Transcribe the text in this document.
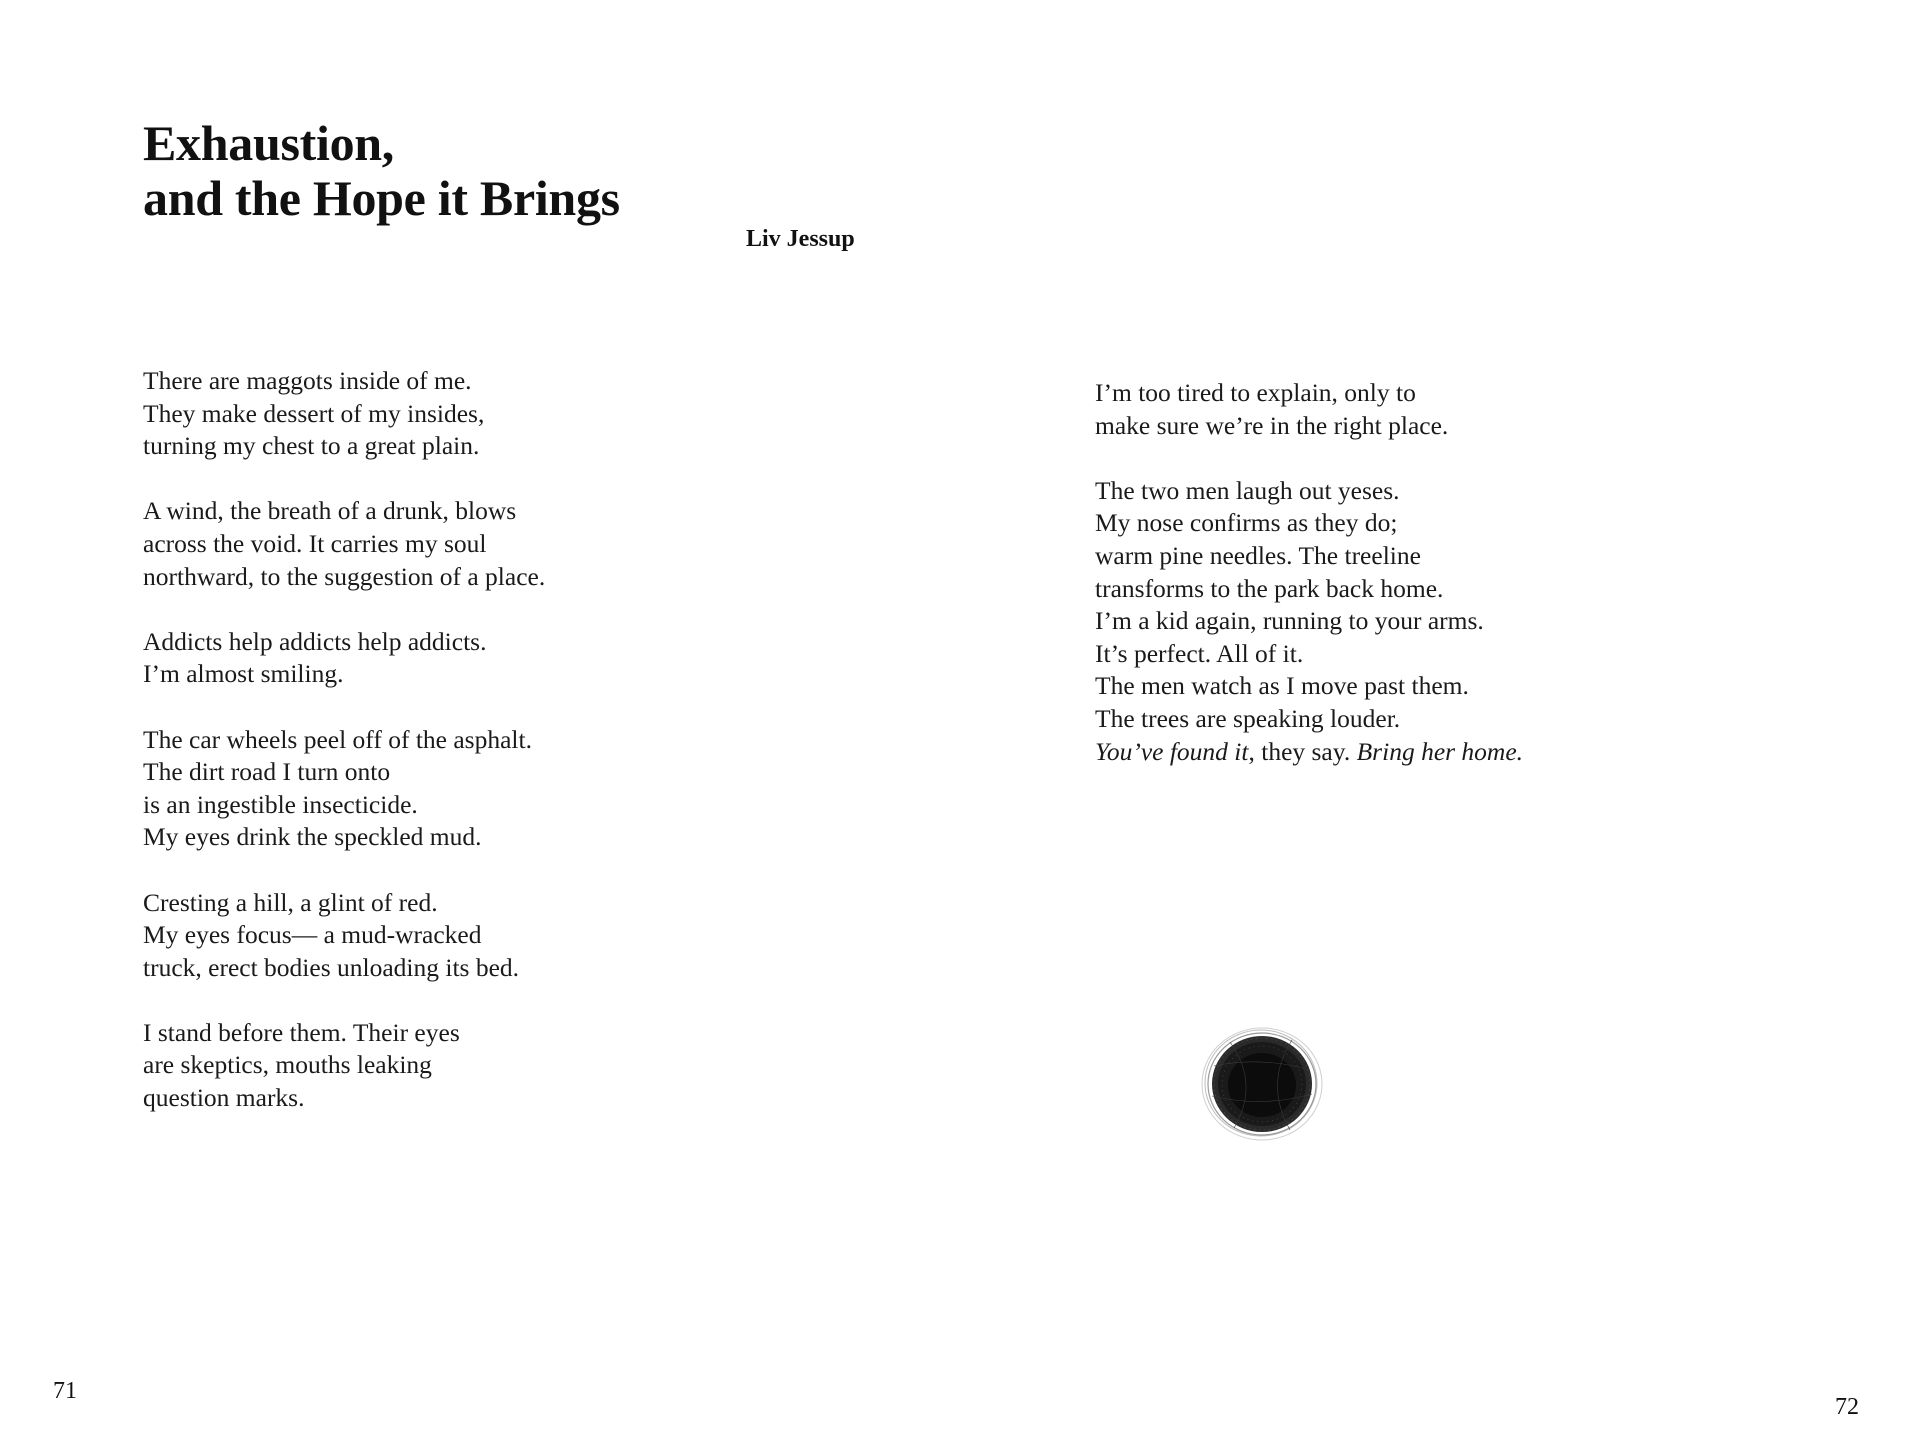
Exhaustion,
and the Hope it Brings
Liv Jessup

There are maggots inside of me.
They make dessert of my insides,
turning my chest to a great plain.

A wind, the breath of a drunk, blows
across the void. It carries my soul
northward, to the suggestion of a place.

Addicts help addicts help addicts.
I’m almost smiling.

The car wheels peel off of the asphalt.
The dirt road I turn onto
is an ingestible insecticide.
My eyes drink the speckled mud.

Cresting a hill, a glint of red.
My eyes focus— a mud-wracked
truck, erect bodies unloading its bed.

I stand before them. Their eyes
are skeptics, mouths leaking
question marks.

I’m too tired to explain, only to
make sure we’re in the right place.

The two men laugh out yeses.
My nose confirms as they do;
warm pine needles. The treeline
transforms to the park back home.
I’m a kid again, running to your arms.
It’s perfect. All of it.
The men watch as I move past them.
The trees are speaking louder.
You’ve found it, they say. Bring her home.

71
72
